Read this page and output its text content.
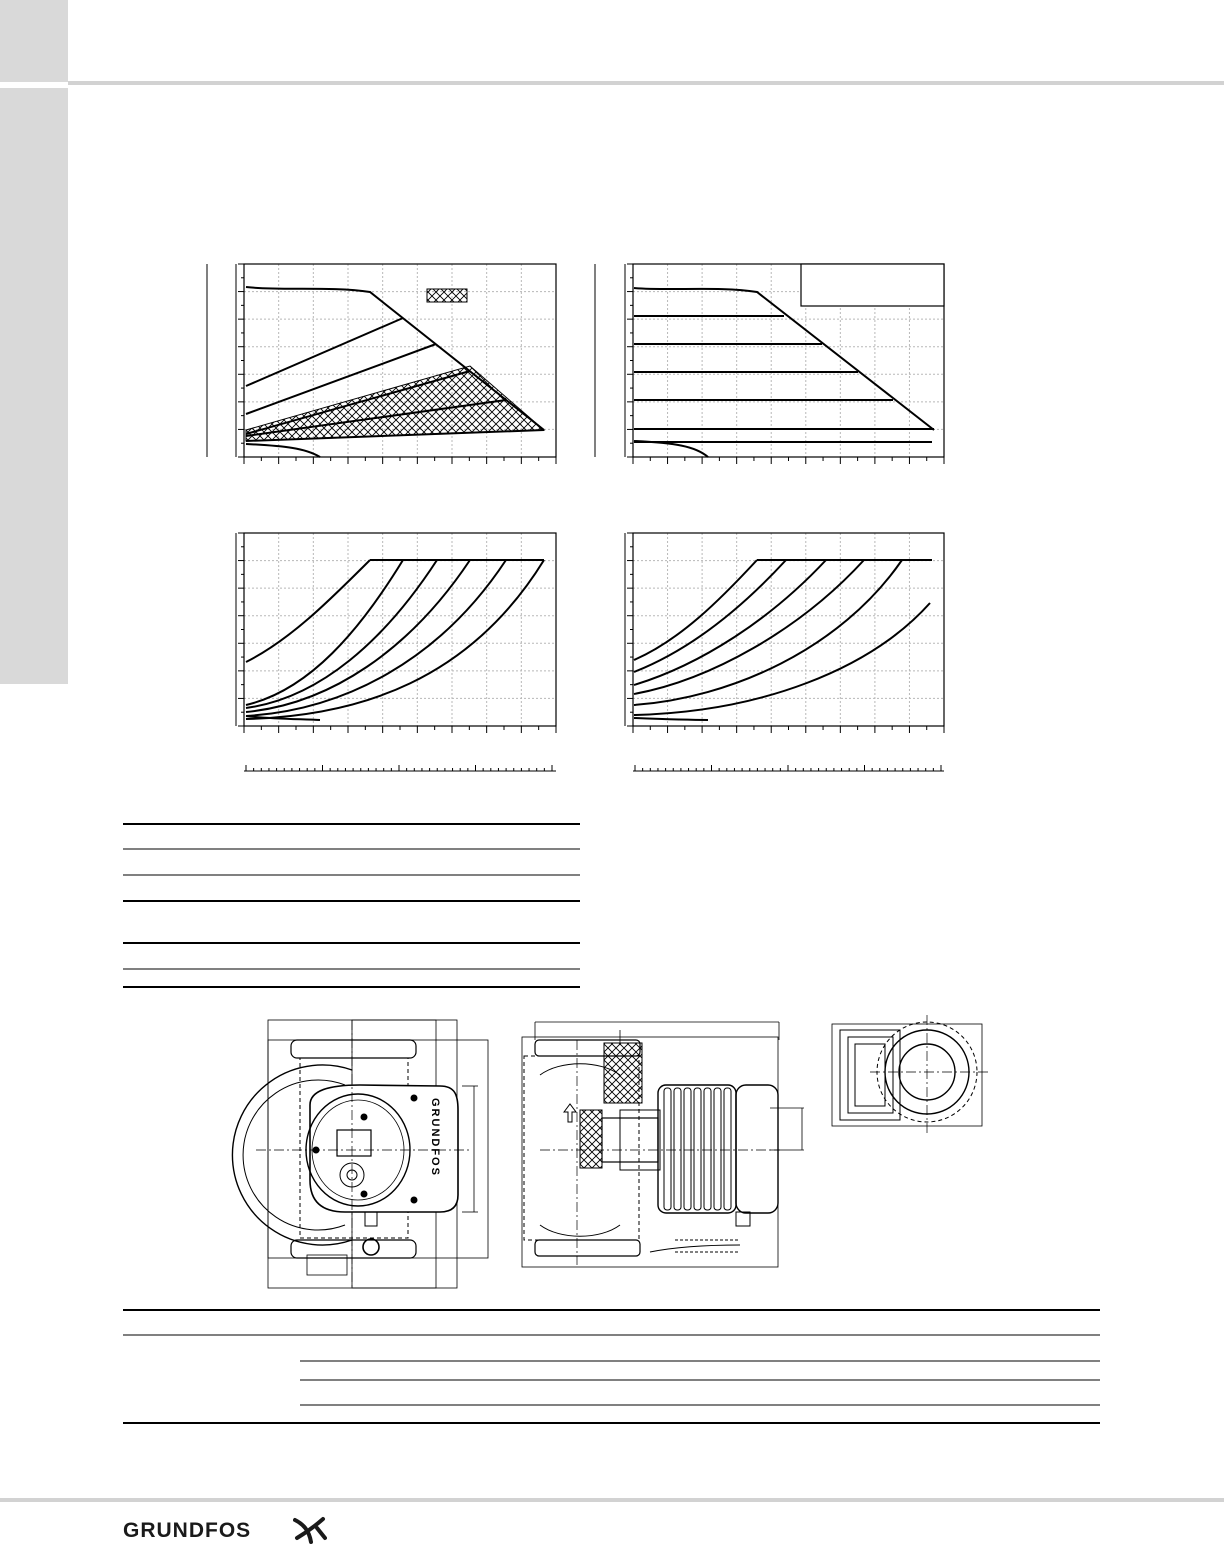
GRUNDFOS
GRUNDFOS
